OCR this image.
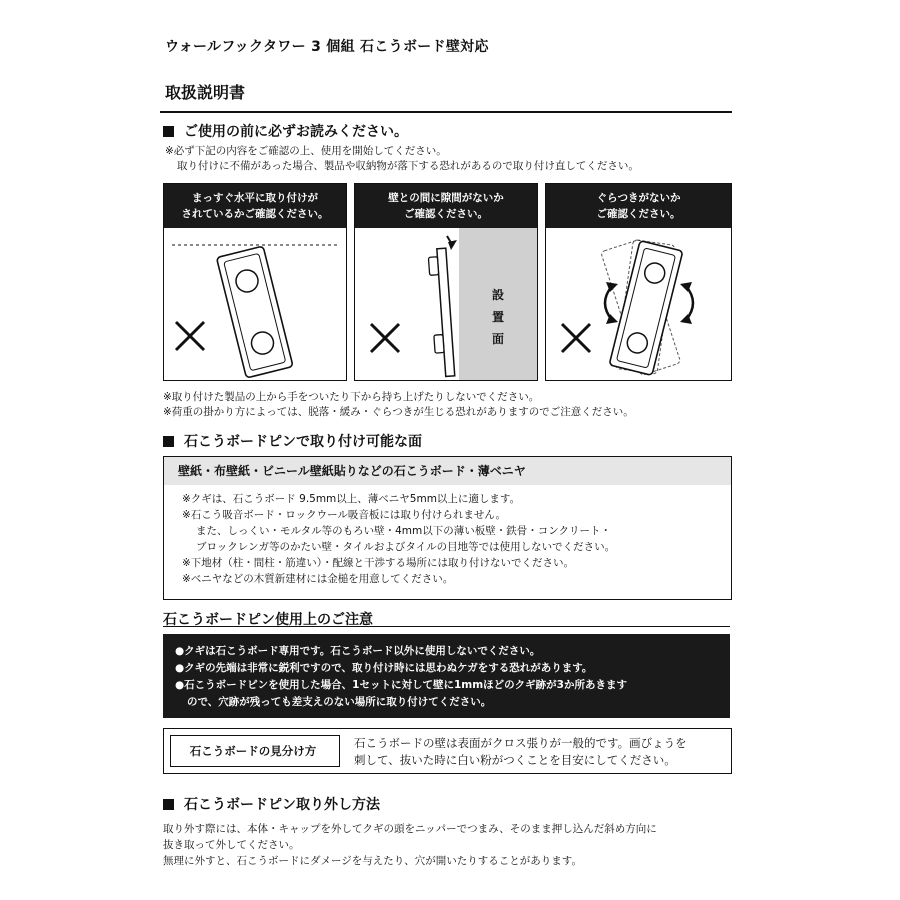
ウォールフックタワー 3 個組 石こうボード壁対応
取扱説明書
ご使用の前に必ずお読みください。
※必ず下記の内容をご確認の上、使用を開始してください。
取り付けに不備があった場合、製品や収納物が落下する恐れがあるので取り付け直してください。
まっすぐ水平に取り付けが
されているかご確認ください。
壁との間に隙間がないか
ご確認ください。
設
置
面
ぐらつきがないか
ご確認ください。
※取り付けた製品の上から手をついたり下から持ち上げたりしないでください。
※荷重の掛かり方によっては、脱落・緩み・ぐらつきが生じる恐れがありますのでご注意ください。
石こうボードピンで取り付け可能な面
壁紙・布壁紙・ビニール壁紙貼りなどの石こうボード・薄ベニヤ
※クギは、石こうボード 9.5mm以上、薄ベニヤ5mm以上に適します。
※石こう吸音ボード・ロックウール吸音板には取り付けられません。
また、しっくい・モルタル等のもろい壁・4mm以下の薄い板壁・鉄骨・コンクリート・
ブロックレンガ等のかたい壁・タイルおよびタイルの目地等では使用しないでください。
※下地材（柱・間柱・筋違い）・配線と干渉する場所には取り付けないでください。
※ベニヤなどの木質新建材には金槌を用意してください。
石こうボードピン使用上のご注意
●クギは石こうボード専用です。石こうボード以外に使用しないでください。
●クギの先端は非常に鋭利ですので、取り付け時には思わぬケガをする恐れがあります。
●石こうボードピンを使用した場合、1セットに対して壁に1mmほどのクギ跡が3か所あきます
ので、穴跡が残っても差支えのない場所に取り付けてください。
石こうボードの見分け方
石こうボードの壁は表面がクロス張りが一般的です。画びょうを
刺して、抜いた時に白い粉がつくことを目安にしてください。
石こうボードピン取り外し方法
取り外す際には、本体・キャップを外してクギの頭をニッパーでつまみ、そのまま押し込んだ斜め方向に
抜き取って外してください。
無理に外すと、石こうボードにダメージを与えたり、穴が開いたりすることがあります。
